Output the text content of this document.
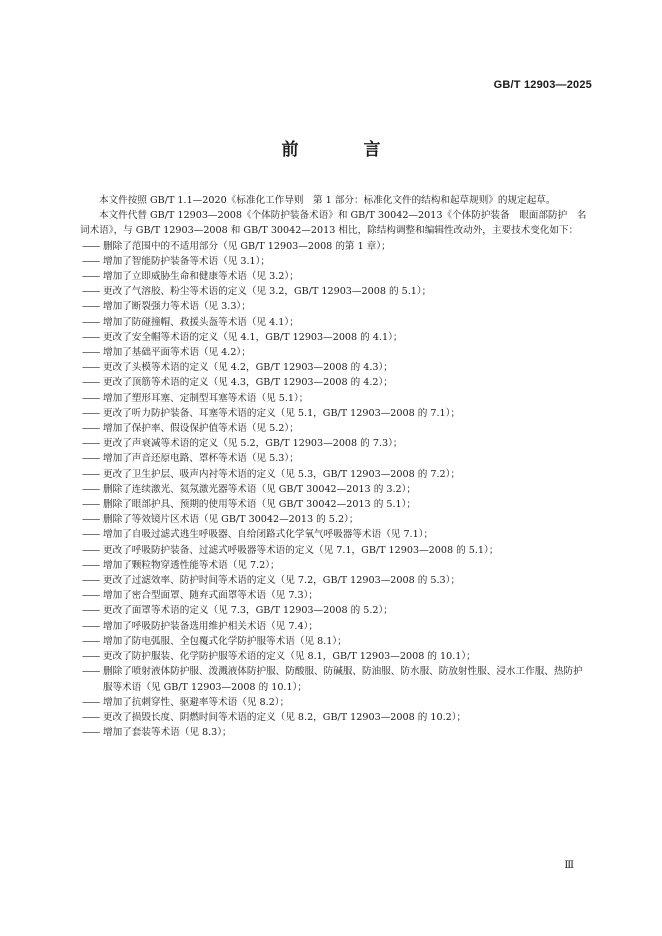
GB/T 12903—2025
前　言

本文件按照 GB/T 1.1—2020《标准化工作导则　第 1 部分：标准化文件的结构和起草规则》的规定起草。

本文件代替 GB/T 12903—2008《个体防护装备术语》和 GB/T 30042—2013《个体防护装备　眼面部防护　名词术语》，与 GB/T 12903—2008 和 GB/T 30042—2013 相比，除结构调整和编辑性改动外，主要技术变化如下：

—— 删除了范围中的不适用部分（见 GB/T 12903—2008 的第 1 章）；
—— 增加了智能防护装备等术语（见 3.1）；
—— 增加了立即威胁生命和健康等术语（见 3.2）；
—— 更改了气溶胶、粉尘等术语的定义（见 3.2，GB/T 12903—2008 的 5.1）；
—— 增加了断裂强力等术语（见 3.3）；
—— 增加了防碰撞帽、救援头盔等术语（见 4.1）；
—— 更改了安全帽等术语的定义（见 4.1，GB/T 12903—2008 的 4.1）；
—— 增加了基础平面等术语（见 4.2）；
—— 更改了头模等术语的定义（见 4.2，GB/T 12903—2008 的 4.3）；
—— 更改了顶筋等术语的定义（见 4.3，GB/T 12903—2008 的 4.2）；
—— 增加了塑形耳塞、定制型耳塞等术语（见 5.1）；
—— 更改了听力防护装备、耳塞等术语的定义（见 5.1，GB/T 12903—2008 的 7.1）；
—— 增加了保护率、假设保护值等术语（见 5.2）；
—— 更改了声衰减等术语的定义（见 5.2，GB/T 12903—2008 的 7.3）；
—— 增加了声音还原电路、罩杯等术语（见 5.3）；
—— 更改了卫生护层、吸声内衬等术语的定义（见 5.3，GB/T 12903—2008 的 7.2）；
—— 删除了连续激光、氦氖激光器等术语（见 GB/T 30042—2013 的 3.2）；
—— 删除了眼部护具、预期的使用等术语（见 GB/T 30042—2013 的 5.1）；
—— 删除了等效镜片区术语（见 GB/T 30042—2013 的 5.2）；
—— 增加了自吸过滤式逃生呼吸器、自给闭路式化学氧气呼吸器等术语（见 7.1）；
—— 更改了呼吸防护装备、过滤式呼吸器等术语的定义（见 7.1，GB/T 12903—2008 的 5.1）；
—— 增加了颗粒物穿透性能等术语（见 7.2）；
—— 更改了过滤效率、防护时间等术语的定义（见 7.2，GB/T 12903—2008 的 5.3）；
—— 增加了密合型面罩、随弃式面罩等术语（见 7.3）；
—— 更改了面罩等术语的定义（见 7.3，GB/T 12903—2008 的 5.2）；
—— 增加了呼吸防护装备选用维护相关术语（见 7.4）；
—— 增加了防电弧服、全包覆式化学防护服等术语（见 8.1）；
—— 更改了防护服装、化学防护服等术语的定义（见 8.1，GB/T 12903—2008 的 10.1）；
—— 删除了喷射液体防护服、泼溅液体防护服、防酸服、防碱服、防油服、防水服、防放射性服、浸水工作服、热防护服等术语（见 GB/T 12903—2008 的 10.1）；
—— 增加了抗刺穿性、驱避率等术语（见 8.2）；
—— 更改了损毁长度、阴燃时间等术语的定义（见 8.2，GB/T 12903—2008 的 10.2）；
—— 增加了套装等术语（见 8.3）；
Ⅲ
